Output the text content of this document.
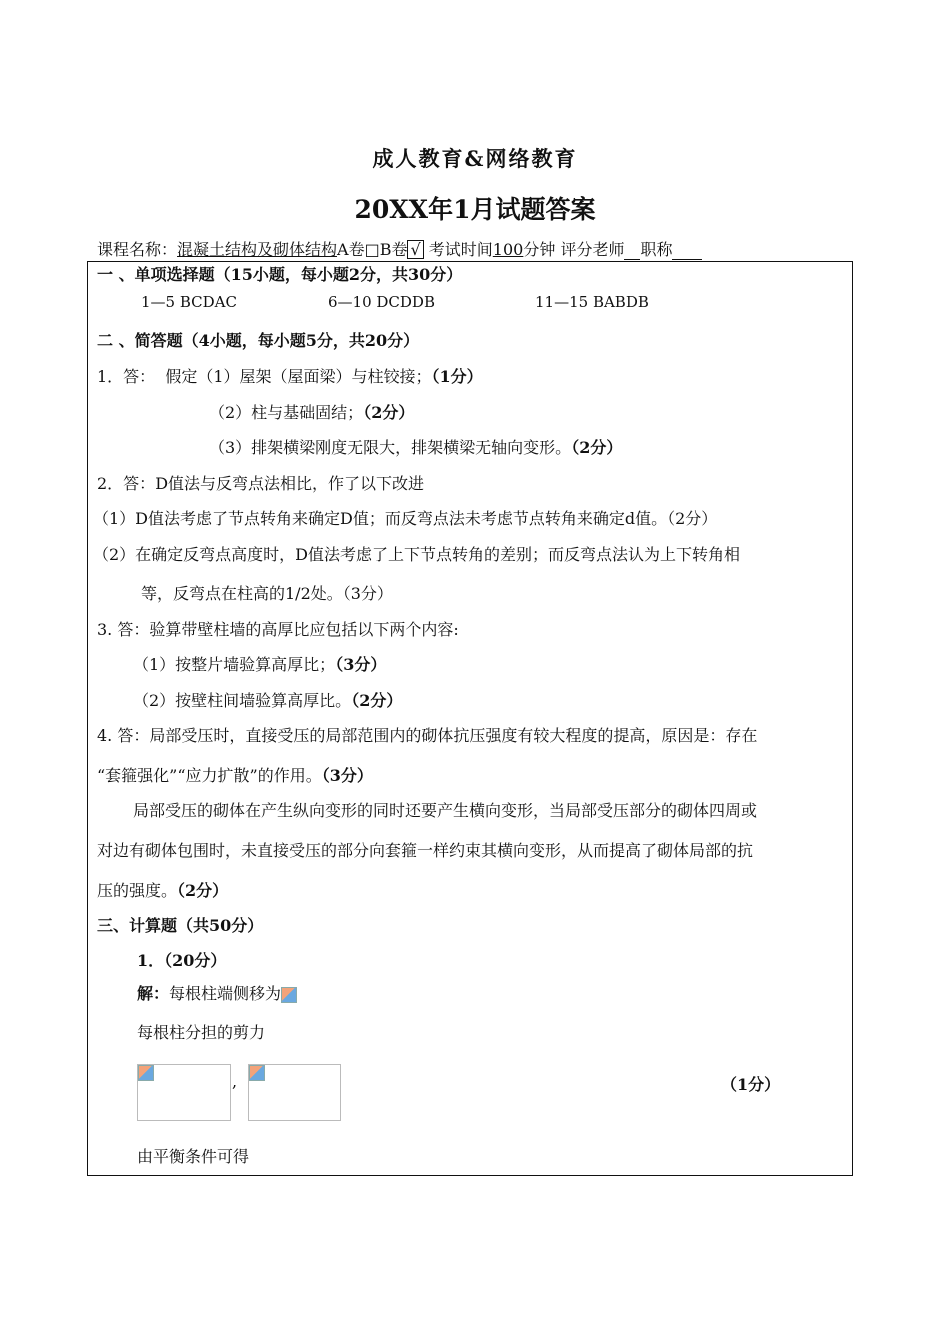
成人教育&网络教育
20XX年1月试题答案
课程名称：混凝土结构及砌体结构A卷□B卷 √ 考试时间100分钟 评分老师 职称
一 、单项选择题（15小题，每小题2分，共30分）
1—5 BCDAC	6—10 DCDDB	11—15 BABDB
二 、简答题（4小题，每小题5分，共20分）
1．答： 假定（1）屋架（屋面梁）与柱铰接；（1分）
（2）柱与基础固结；（2分）
（3）排架横梁刚度无限大，排架横梁无轴向变形。（2分）
2．答：D值法与反弯点法相比，作了以下改进
（1）D值法考虑了节点转角来确定D值；而反弯点法未考虑节点转角来确定d值。（2分）
（2）在确定反弯点高度时，D值法考虑了上下节点转角的差别；而反弯点法认为上下转角相
等，反弯点在柱高的1/2处。（3分）
3. 答：验算带壁柱墙的高厚比应包括以下两个内容:
（1）按整片墙验算高厚比；（3分）
（2）按壁柱间墙验算高厚比。（2分）
4. 答：局部受压时，直接受压的局部范围内的砌体抗压强度有较大程度的提高，原因是：存在
“套箍强化”“应力扩散”的作用。（3分）
局部受压的砌体在产生纵向变形的同时还要产生横向变形，当局部受压部分的砌体四周或
对边有砌体包围时，未直接受压的部分向套箍一样约束其横向变形，从而提高了砌体局部的抗
压的强度。（2分）
三、计算题（共50分）
1．（20分）
解：每根柱端侧移为
每根柱分担的剪力
,	（1分）
由平衡条件可得
